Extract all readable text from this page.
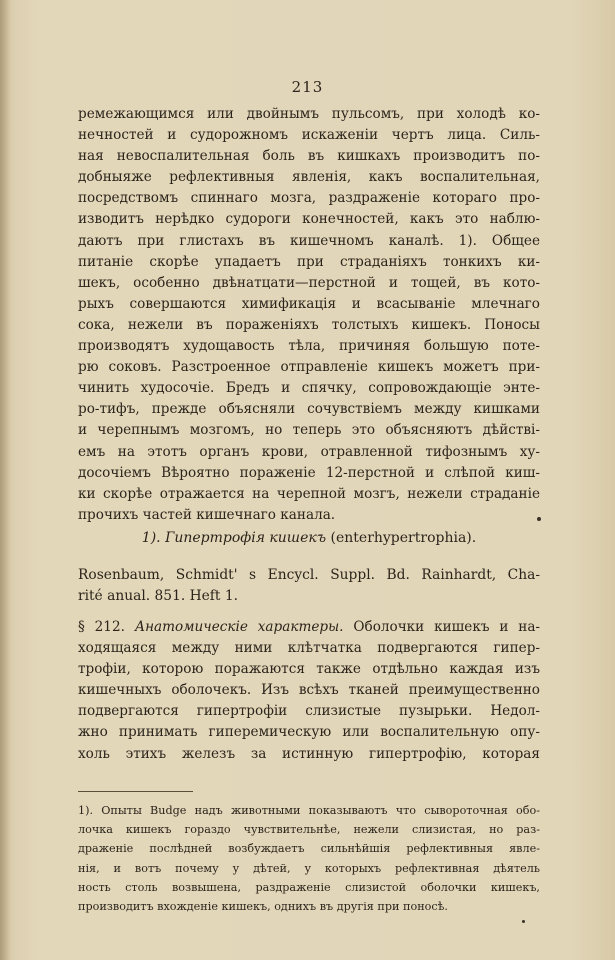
213
ремежающимся или двойнымъ пульсомъ, при холодѣ ко-
нечностей и судорожномъ искаженіи чертъ лица. Силь-
ная невоспалительная боль въ кишкахъ производитъ по-
добныяже рефлективныя явленія, какъ воспалительная,
посредствомъ спиннаго мозга, раздраженіе котораго про-
изводитъ нерѣдко судороги конечностей, какъ это наблю-
даютъ при глистахъ въ кишечномъ каналѣ. 1). Общее
питаніе скорѣе упадаетъ при страданіяхъ тонкихъ ки-
шекъ, особенно двѣнатцати—перстной и тощей, въ кото-
рыхъ совершаются химификація и всасываніе млечнаго
сока, нежели въ пораженіяхъ толстыхъ кишекъ. Поносы
производятъ худощавость тѣла, причиняя большую поте-
рю соковъ. Разстроенное отправленіе кишекъ можетъ при-
чинить худосочіе. Бредъ и спячку, сопровождающіе энте-
ро-тифъ, прежде объясняли сочувствіемъ между кишками
и черепнымъ мозгомъ, но теперь это объясняютъ дѣйствi-
емъ на этотъ органъ крови, отравленной тифознымъ ху-
досочіемъ Вѣроятно пораженіе 12-перстной и слѣпой киш-
ки скорѣе отражается на черепной мозгъ, нежели страданіе
прочихъ частей кишечнаго канала.
1). Гипертрофія кишекъ (enterhypertrophia).
Rosenbaum, Schmidt' s Encycl. Suppl. Bd. Rainhardt, Cha-
rité anual. 851. Heft 1.
§ 212. Анатомическіе характеры. Оболочки кишекъ и на-
ходящаяся между ними клѣтчатка подвергаются гипер-
трофіи, которою поражаются также отдѣльно каждая изъ
кишечныхъ оболочекъ. Изъ всѣхъ тканей преимущественно
подвергаются гипертрофіи слизистые пузырьки. Недол-
жно принимать гиперемическую или воспалительную опу-
холь этихъ железъ за истинную гипертрофію, которая
1). Опыты Budge надъ животными показываютъ что сывороточная обо-
лочка кишекъ гораздо чувствительнѣе, нежели слизистая, но раз-
драженіе послѣдней возбуждаетъ сильнѣйшія рефлективныя явле-
нія, и вотъ почему у дѣтей, у которыхъ рефлективная дѣятель
ность столь возвышена, раздраженіе слизистой оболочки кишекъ,
производитъ вхожденіе кишекъ, однихъ въ другія при поносѣ.
